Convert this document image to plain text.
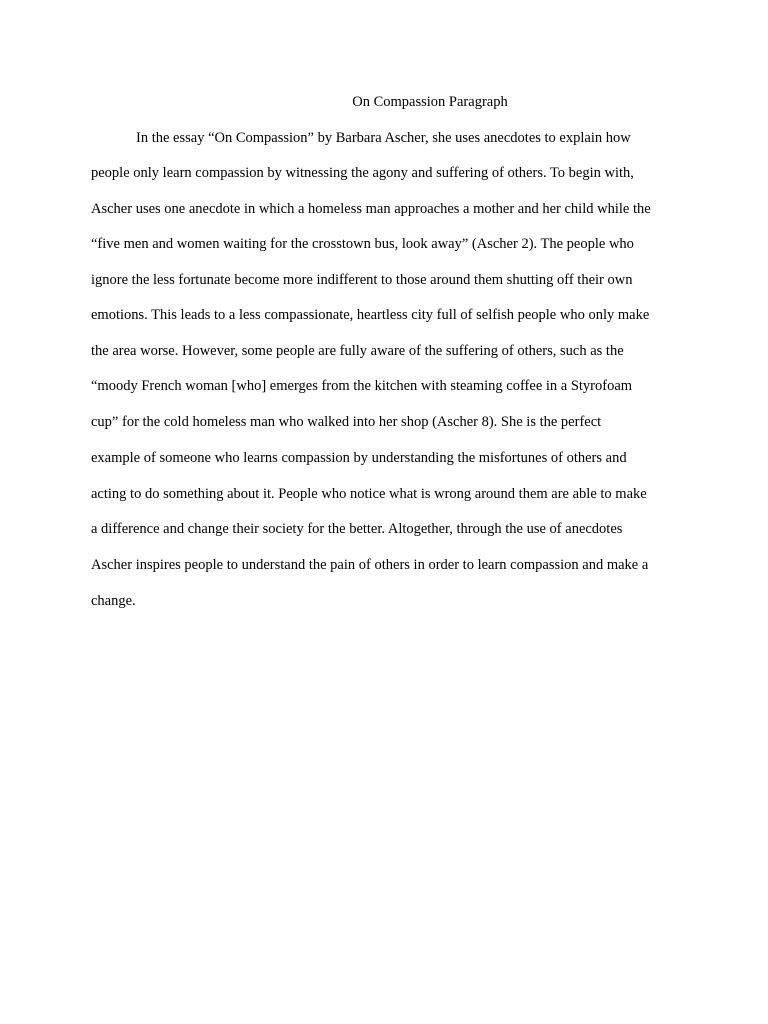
On Compassion Paragraph
In the essay “On Compassion” by Barbara Ascher, she uses anecdotes to explain how
people only learn compassion by witnessing the agony and suffering of others. To begin with,
Ascher uses one anecdote in which a homeless man approaches a mother and her child while the
“five men and women waiting for the crosstown bus, look away” (Ascher 2). The people who
ignore the less fortunate become more indifferent to those around them shutting off their own
emotions. This leads to a less compassionate, heartless city full of selfish people who only make
the area worse. However, some people are fully aware of the suffering of others, such as the
“moody French woman [who] emerges from the kitchen with steaming coffee in a Styrofoam
cup” for the cold homeless man who walked into her shop (Ascher 8). She is the perfect
example of someone who learns compassion by understanding the misfortunes of others and
acting to do something about it. People who notice what is wrong around them are able to make
a difference and change their society for the better. Altogether, through the use of anecdotes
Ascher inspires people to understand the pain of others in order to learn compassion and make a
change.
